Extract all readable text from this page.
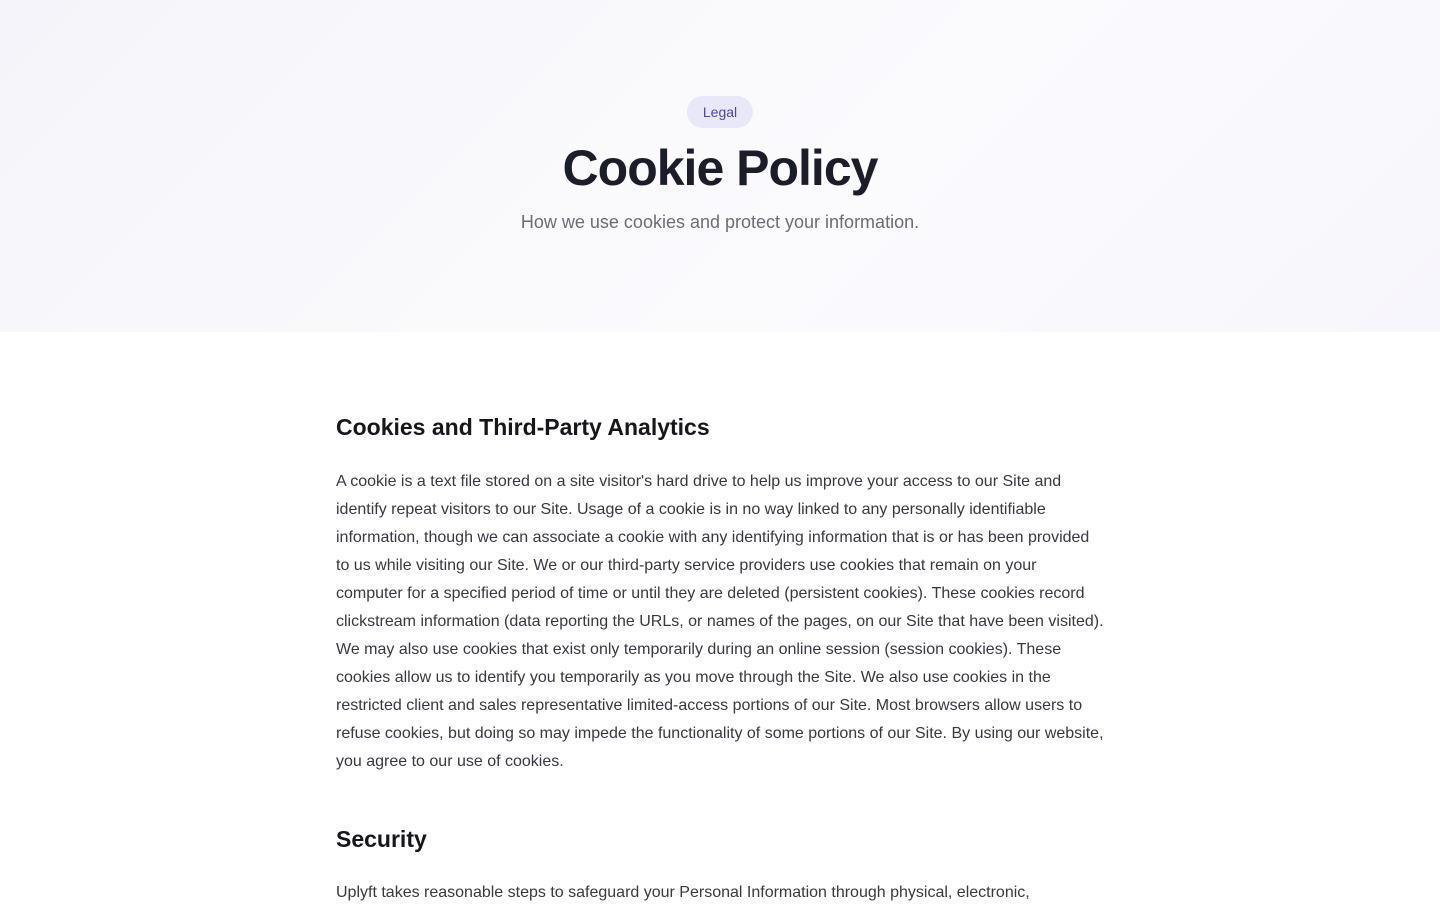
Legal
Cookie Policy

How we use cookies and protect your information.

Cookies and Third-Party Analytics

A cookie is a text file stored on a site visitor's hard drive to help us improve your access to our Site and identify repeat visitors to our Site. Usage of a cookie is in no way linked to any personally identifiable information, though we can associate a cookie with any identifying information that is or has been provided to us while visiting our Site. We or our third-party service providers use cookies that remain on your computer for a specified period of time or until they are deleted (persistent cookies). These cookies record clickstream information (data reporting the URLs, or names of the pages, on our Site that have been visited). We may also use cookies that exist only temporarily during an online session (session cookies). These cookies allow us to identify you temporarily as you move through the Site. We also use cookies in the restricted client and sales representative limited-access portions of our Site. Most browsers allow users to refuse cookies, but doing so may impede the functionality of some portions of our Site. By using our website, you agree to our use of cookies.

Security

Uplyft takes reasonable steps to safeguard your Personal Information through physical, electronic,
